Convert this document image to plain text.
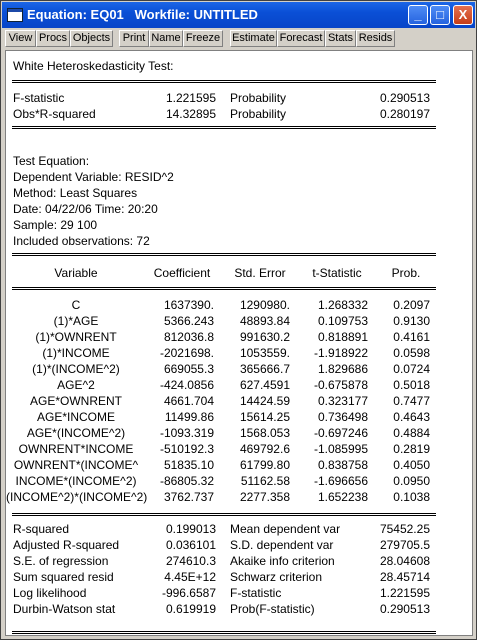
Equation: EQ01   Workfile: UNTITLED	_	□	X
View Procs Objects	Print Name Freeze Estimate Forecast Stats Resids
White Heteroskedasticity Test:
F-statistic	1.221595 Probability	0.290513
Obs*R-squared	14.32895 Probability	0.280197
Test Equation:
Dependent Variable: RESID^2
Method: Least Squares
Date: 04/22/06 Time: 20:20
Sample: 29 100
Included observations: 72
Variable	Coefficient	Std. Error	t-Statistic	Prob.
C	1637390.	1290980.	1.268332	0.2097
(1)*AGE	5366.243	48893.84	0.109753	0.9130
(1)*OWNRENT	812036.8	991630.2	0.818891	0.4161
(1)*INCOME	-2021698.	1053559.	-1.918922	0.0598
(1)*(INCOME^2)	669055.3	365666.7	1.829686	0.0724
AGE^2	-424.0856	627.4591	-0.675878	0.5018
AGE*OWNRENT	4661.704	14424.59	0.323177	0.7477
AGE*INCOME	11499.86	15614.25	0.736498	0.4643
AGE*(INCOME^2)	-1093.319	1568.053	-0.697246	0.4884
OWNRENT*INCOME	-510192.3	469792.6	-1.085995	0.2819
OWNRENT*(INCOME^	51835.10	61799.80	0.838758	0.4050
INCOME*(INCOME^2)	-86805.32	51162.58	-1.696656	0.0950
(INCOME^2)*(INCOME^2)	3762.737	2277.358	1.652238	0.1038
R-squared	0.199013 Mean dependent var	75452.25
Adjusted R-squared	0.036101 S.D. dependent var	279705.5
S.E. of regression	274610.3 Akaike info criterion	28.04608
Sum squared resid	4.45E+12 Schwarz criterion	28.45714
Log likelihood	-996.6587 F-statistic	1.221595
Durbin-Watson stat	0.619919 Prob(F-statistic)	0.290513
